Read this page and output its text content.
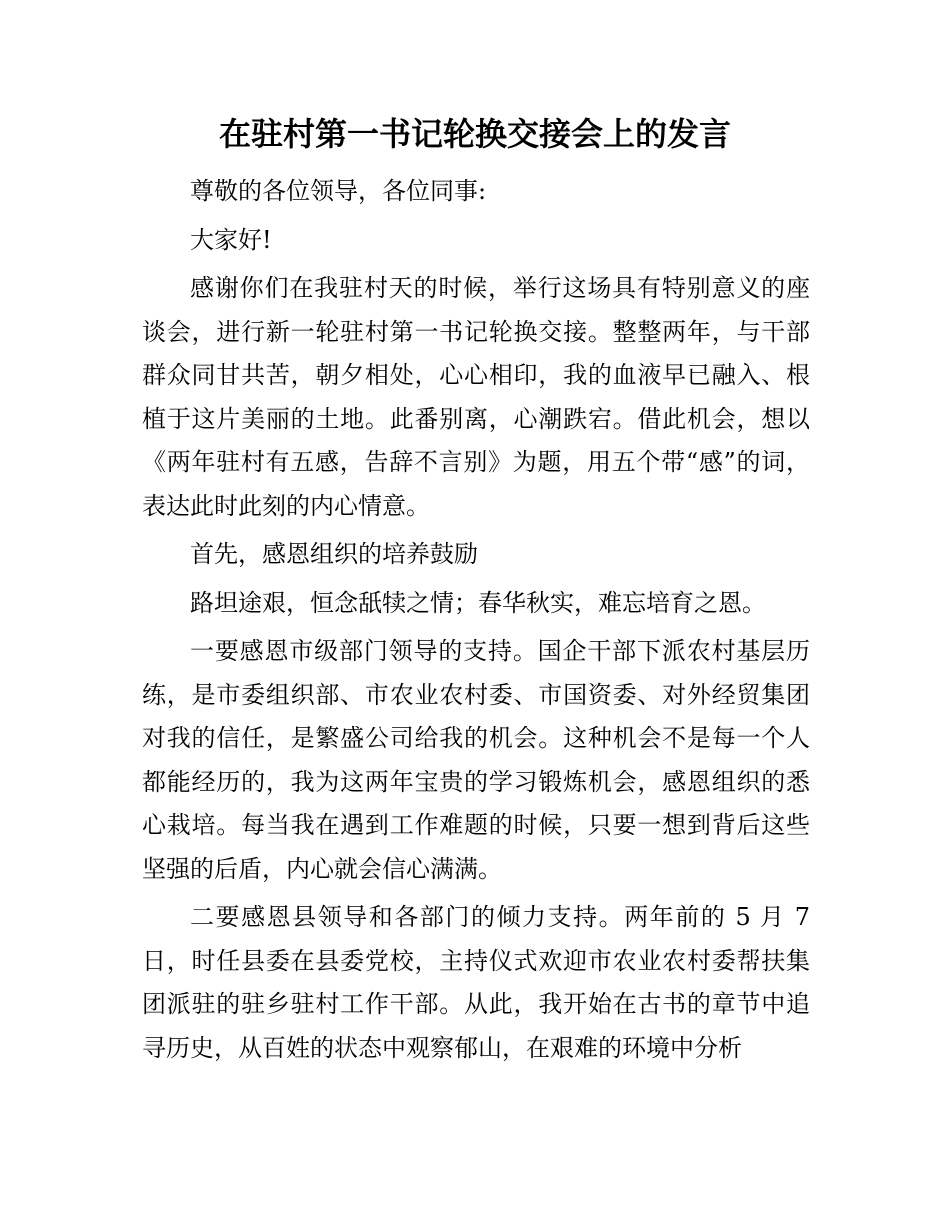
在驻村第一书记轮换交接会上的发言

尊敬的各位领导，各位同事:

大家好!

感谢你们在我驻村天的时候，举行这场具有特别意义的座谈会，进行新一轮驻村第一书记轮换交接。整整两年，与干部群众同甘共苦，朝夕相处，心心相印，我的血液早已融入、根植于这片美丽的土地。此番别离，心潮跌宕。借此机会，想以《两年驻村有五感，告辞不言别》为题，用五个带“感”的词，表达此时此刻的内心情意。

首先，感恩组织的培养鼓励

路坦途艰，恒念舐犊之情；春华秋实，难忘培育之恩。

一要感恩市级部门领导的支持。国企干部下派农村基层历练，是市委组织部、市农业农村委、市国资委、对外经贸集团对我的信任，是繁盛公司给我的机会。这种机会不是每一个人都能经历的，我为这两年宝贵的学习锻炼机会，感恩组织的悉心栽培。每当我在遇到工作难题的时候，只要一想到背后这些坚强的后盾，内心就会信心满满。

二要感恩县领导和各部门的倾力支持。两年前的 5 月 7 日，时任县委在县委党校，主持仪式欢迎市农业农村委帮扶集团派驻的驻乡驻村工作干部。从此，我开始在古书的章节中追寻历史，从百姓的状态中观察郁山，在艰难的环境中分析
